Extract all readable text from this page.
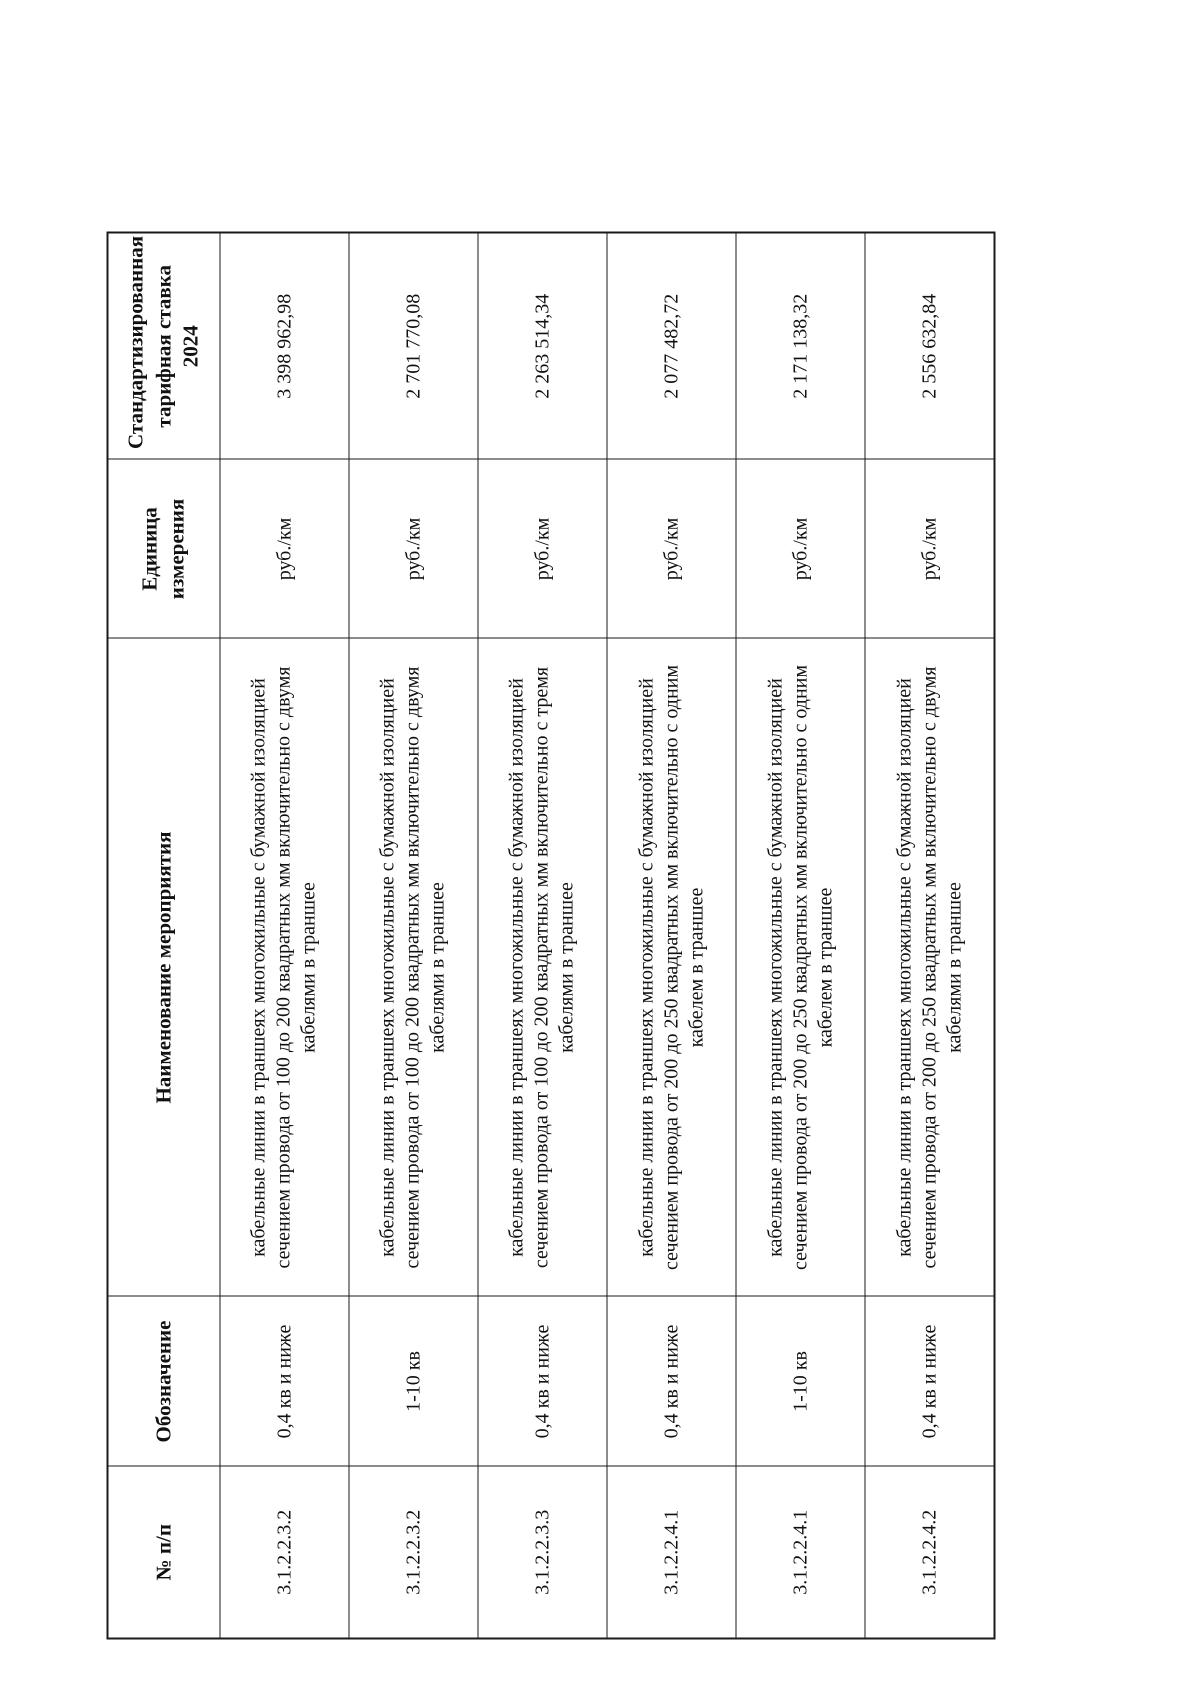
№ п/п	Обозначение	Наименование мероприятия	Единица измерения	Стандартизированная тарифная ставка 2024
3.1.2.2.3.2	0,4 кв и ниже	кабельные линии в траншеях многожильные с бумажной изоляцией сечением провода от 100 до 200 квадратных мм включительно с двумя кабелями в траншее	руб./км	3 398 962,98
3.1.2.2.3.2	1-10 кв	кабельные линии в траншеях многожильные с бумажной изоляцией сечением провода от 100 до 200 квадратных мм включительно с двумя кабелями в траншее	руб./км	2 701 770,08
3.1.2.2.3.3	0,4 кв и ниже	кабельные линии в траншеях многожильные с бумажной изоляцией сечением провода от 100 до 200 квадратных мм включительно с тремя кабелями в траншее	руб./км	2 263 514,34
3.1.2.2.4.1	0,4 кв и ниже	кабельные линии в траншеях многожильные с бумажной изоляцией сечением провода от 200 до 250 квадратных мм включительно с одним кабелем в траншее	руб./км	2 077 482,72
3.1.2.2.4.1	1-10 кв	кабельные линии в траншеях многожильные с бумажной изоляцией сечением провода от 200 до 250 квадратных мм включительно с одним кабелем в траншее	руб./км	2 171 138,32
3.1.2.2.4.2	0,4 кв и ниже	кабельные линии в траншеях многожильные с бумажной изоляцией сечением провода от 200 до 250 квадратных мм включительно с двумя кабелями в траншее	руб./км	2 556 632,84
